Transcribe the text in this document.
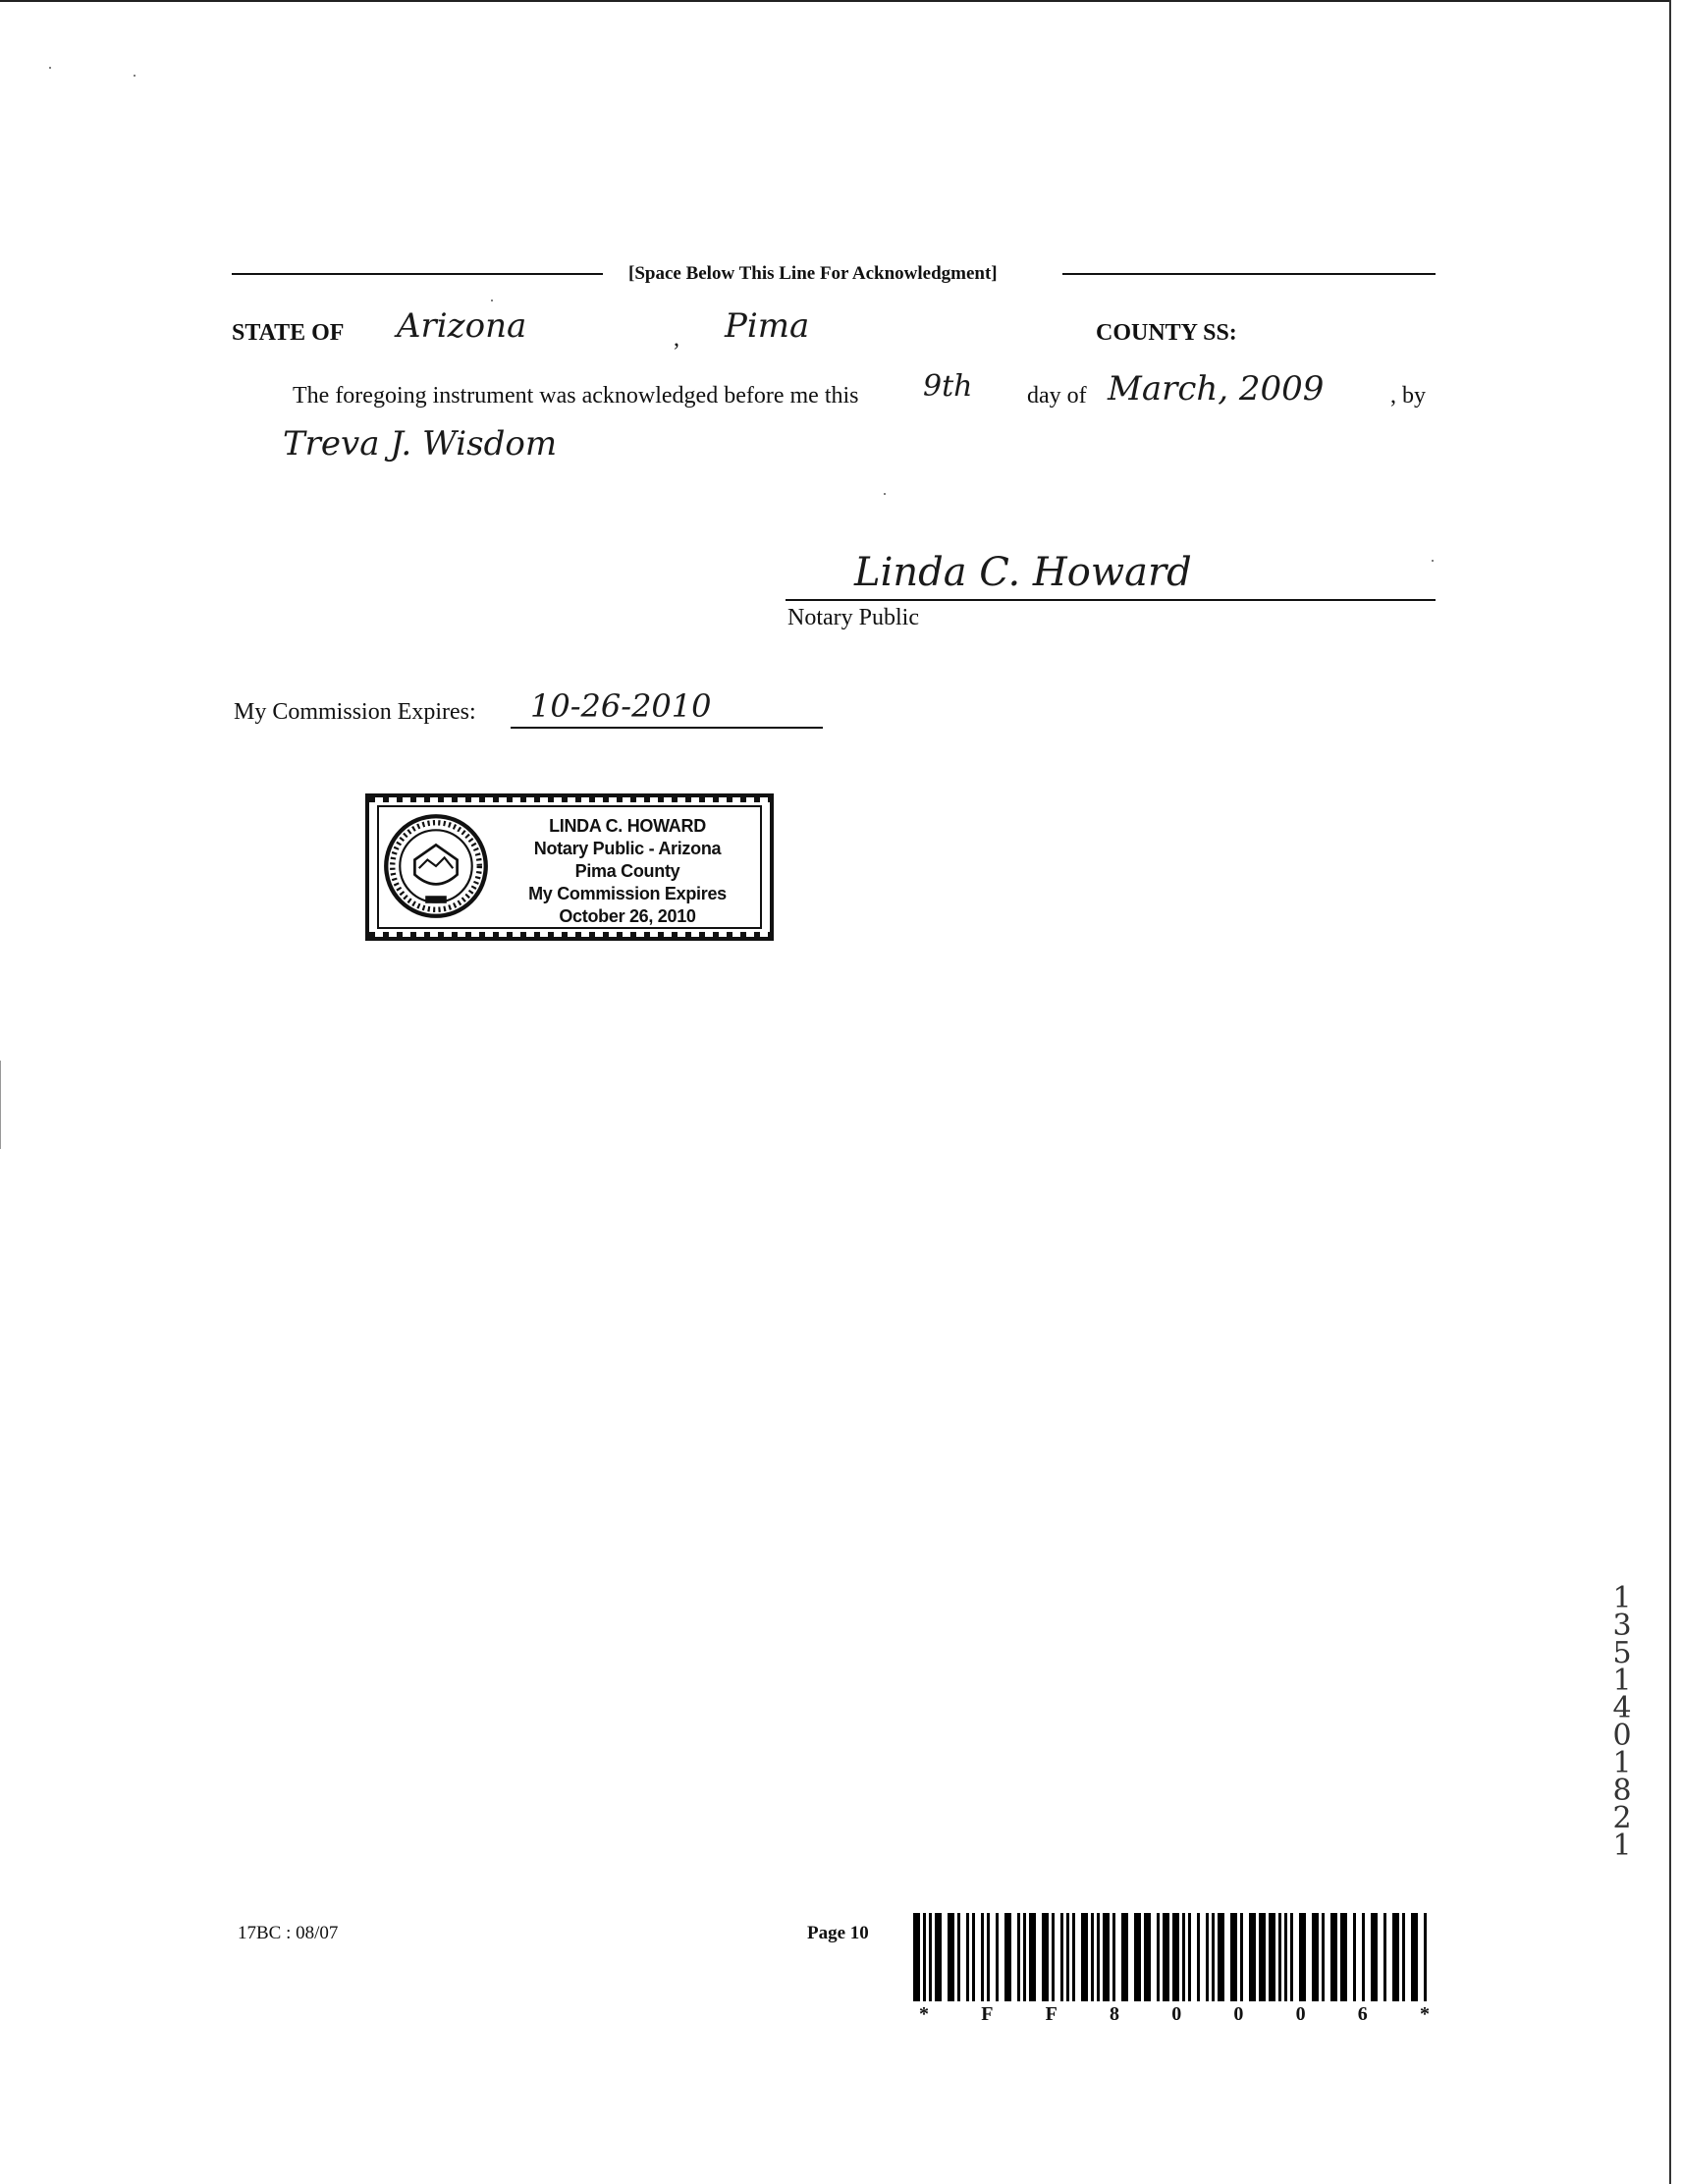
[Space Below This Line For Acknowledgment]
STATE OF Arizona	, Pima	COUNTY SS:
The foregoing instrument was acknowledged before me this 9th day of March, 2009	, by
Treva J. Wisdom
Linda C. Howard
Notary Public
My Commission Expires: 10-26-2010
LINDA C. HOWARD
Notary Public - Arizona
Pima County
My Commission Expires
October 26, 2010
13514 01821
17BC : 08/07	Page 10
*	F	F	8	0	0	0	6	*
